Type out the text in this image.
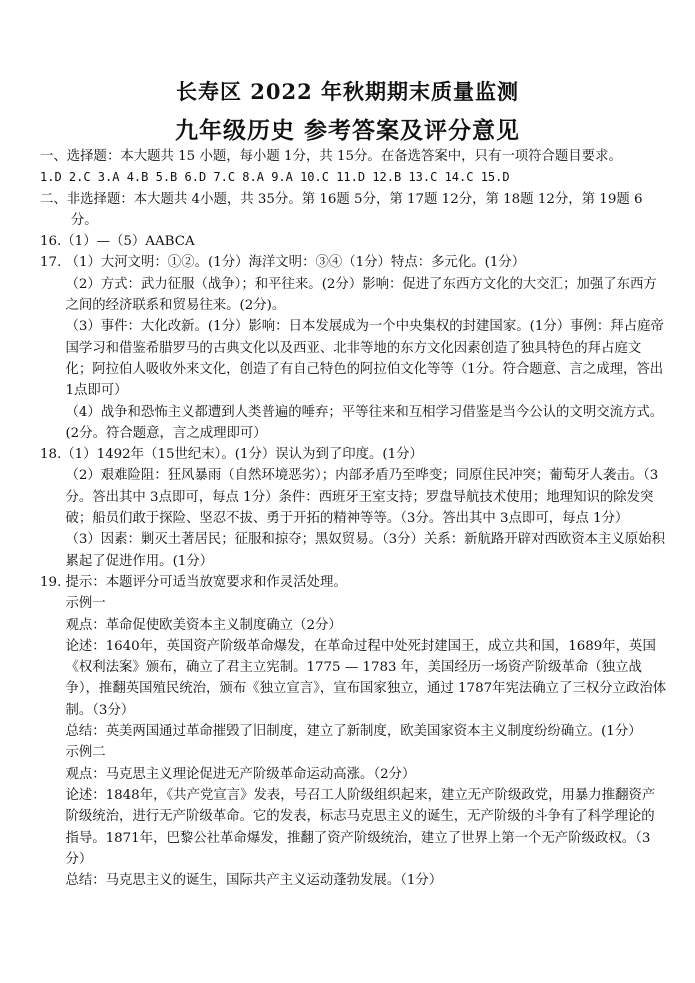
长寿区 2022 年秋期期末质量监测
九年级历史 参考答案及评分意见

一、选择题：本大题共 15 小题，每小题 1分，共 15分。在备选答案中，只有一项符合题目要求。

1.D 2.C 3.A 4.B 5.B 6.D 7.C 8.A 9.A 10.C 11.D 12.B 13.C 14.C 15.D

二、非选择题：本大题共 4小题，共 35分。第 16题 5分，第 17题 12分，第 18题 12分，第 19题 6分。

16.（1）—（5）AABCA

17. （1）大河文明：①②。(1分）海洋文明：③④（1分）特点：多元化。(1分）

（2）方式：武力征服（战争）；和平往来。(2分）影响：促进了东西方文化的大交汇；加强了东西方之间的经济联系和贸易往来。(2分)。

（3）事件：大化改新。(1分）影响：日本发展成为一个中央集权的封建国家。(1分）事例：拜占庭帝国学习和借鉴希腊罗马的古典文化以及西亚、北非等地的东方文化因素创造了独具特色的拜占庭文化；阿拉伯人吸收外来文化，创造了有自己特色的阿拉伯文化等等（1分。符合题意、言之成理，答出 1点即可）

（4）战争和恐怖主义都遭到人类普遍的唾弃；平等往来和互相学习借鉴是当今公认的文明交流方式。(2分。符合题意，言之成理即可）

18.（1）1492年（15世纪末）。(1分）误认为到了印度。(1分）

（2）艰难险阻：狂风暴雨（自然环境恶劣）；内部矛盾乃至哗变；同原住民冲突；葡萄牙人袭击。（3分。答出其中 3点即可，每点 1分）条件：西班牙王室支持；罗盘导航技术使用；地理知识的除发突破；船员们敢于探险、坚忍不拔、勇于开拓的精神等等。（3分。答出其中 3点即可，每点 1分）

（3）因素：剿灭土著居民；征服和掠夺；黑奴贸易。（3分）关系：新航路开辟对西欧资本主义原始积累起了促进作用。(1分）

19. 提示：本题评分可适当放宽要求和作灵活处理。

示例一

观点：革命促使欧美资本主义制度确立（2分）

论述：1640年，英国资产阶级革命爆发，在革命过程中处死封建国王，成立共和国，1689年，英国《权利法案》颁布，确立了君主立宪制。1775 — 1783 年，美国经历一场资产阶级革命（独立战争），推翻英国殖民统治，颁布《独立宣言》，宣布国家独立，通过 1787年宪法确立了三权分立政治体制。（3分）

总结：英美两国通过革命摧毁了旧制度，建立了新制度，欧美国家资本主义制度纷纷确立。(1分）

示例二

观点：马克思主义理论促进无产阶级革命运动高涨。（2分）

论述：1848年，《共产党宣言》发表，号召工人阶级组织起来，建立无产阶级政党，用暴力推翻资产阶级统治，进行无产阶级革命。它的发表，标志马克思主义的诞生，无产阶级的斗争有了科学理论的指导。1871年，巴黎公社革命爆发，推翻了资产阶级统治，建立了世界上第一个无产阶级政权。（3分）

总结：马克思主义的诞生，国际共产主义运动蓬勃发展。（1分）
